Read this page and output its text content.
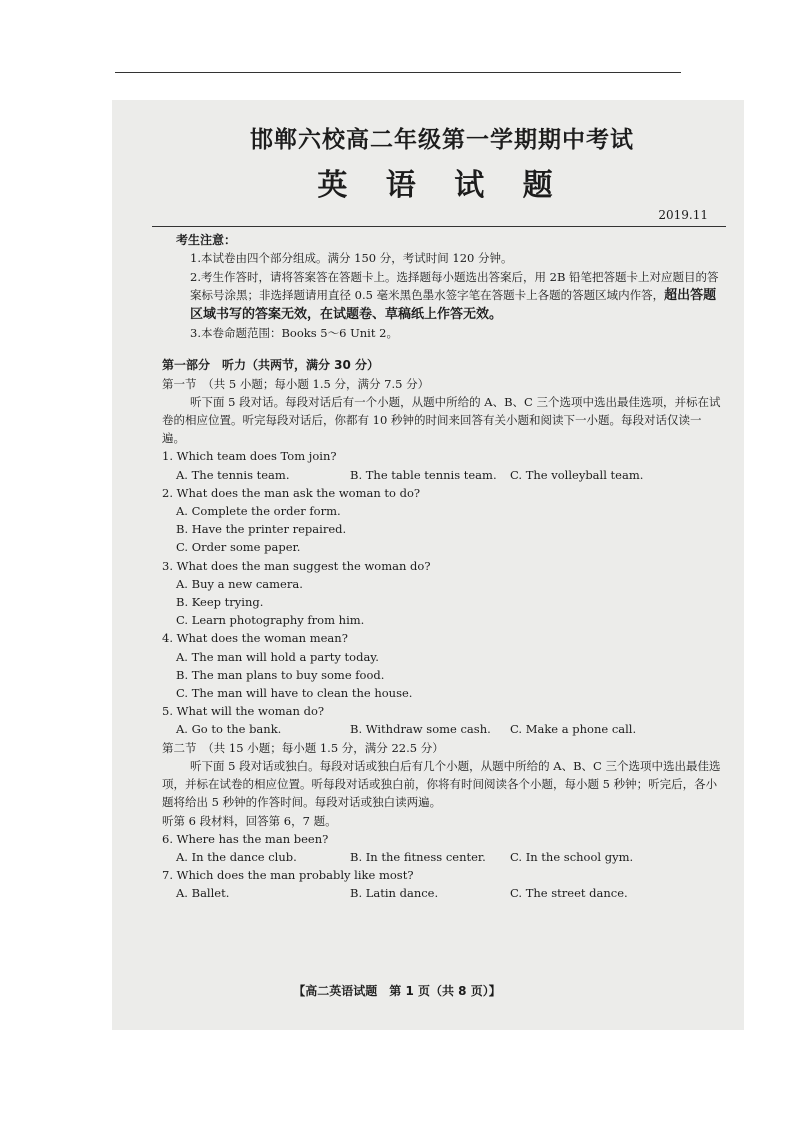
邯郸六校高二年级第一学期期中考试
英 语 试 题
2019.11
考生注意：
1.本试卷由四个部分组成。满分 150 分，考试时间 120 分钟。
2.考生作答时，请将答案答在答题卡上。选择题每小题选出答案后，用 2B 铅笔把答题卡上对应题目的答案标号涂黑；非选择题请用直径 0.5 毫米黑色墨水签字笔在答题卡上各题的答题区域内作答，超出答题区域书写的答案无效，在试题卷、草稿纸上作答无效。
3.本卷命题范围：Books 5～6 Unit 2。
第一部分　听力（共两节，满分 30 分）
第一节　（共 5 小题；每小题 1.5 分，满分 7.5 分）
听下面 5 段对话。每段对话后有一个小题，从题中所给的 A、B、C 三个选项中选出最佳选项，并标在试卷的相应位置。听完每段对话后，你都有 10 秒钟的时间来回答有关小题和阅读下一小题。每段对话仅读一遍。
1. Which team does Tom join?
A. The tennis team.	B. The table tennis team.	C. The volleyball team.
2. What does the man ask the woman to do?
A. Complete the order form.
B. Have the printer repaired.
C. Order some paper.
3. What does the man suggest the woman do?
A. Buy a new camera.
B. Keep trying.
C. Learn photography from him.
4. What does the woman mean?
A. The man will hold a party today.
B. The man plans to buy some food.
C. The man will have to clean the house.
5. What will the woman do?
A. Go to the bank.	B. Withdraw some cash.	C. Make a phone call.
第二节　（共 15 小题；每小题 1.5 分，满分 22.5 分）
听下面 5 段对话或独白。每段对话或独白后有几个小题，从题中所给的 A、B、C 三个选项中选出最佳选项，并标在试卷的相应位置。听每段对话或独白前，你将有时间阅读各个小题，每小题 5 秒钟；听完后，各小题将给出 5 秒钟的作答时间。每段对话或独白读两遍。
听第 6 段材料，回答第 6，7 题。
6. Where has the man been?
A. In the dance club.	B. In the fitness center.	C. In the school gym.
7. Which does the man probably like most?
A. Ballet.	B. Latin dance.	C. The street dance.
【高二英语试题　第 1 页（共 8 页）】
